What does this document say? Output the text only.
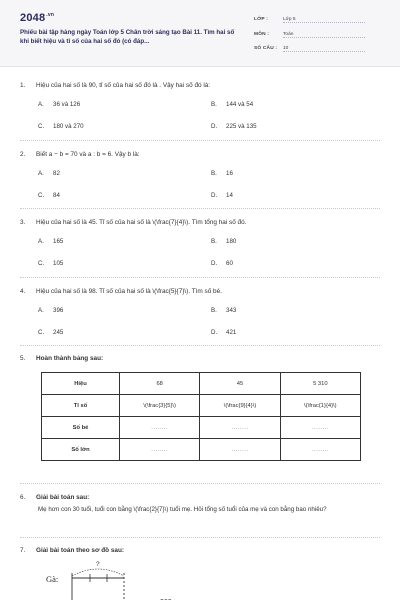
$2048^{.vn}$
Phiếu bài tập hàng ngày Toán lớp 5 Chân trời sáng tạo Bài 11. Tìm hai số khi biết hiệu và tỉ số của hai số đó (có đáp...
LỚP :	Lớp 5
MÔN :	Toán
SỐ CÂU : 10
1. Hiệu của hai số là 90, tỉ số của hai số đó là . Vậy hai số đó là:
A. 36 và 126	B. 144 và 54
C. 180 và 270	D. 225 và 135
2. Biết a − b = 70 và a : b = 6. Vậy b là:
A. 82	B. 16
C. 84	D. 14
3. Hiệu của hai số là 45. Tỉ số của hai số là \(\frac{7}{4}\). Tìm tổng hai số đó.
A. 165	B. 180
C. 105	D. 60
4. Hiệu của hai số là 98. Tỉ số của hai số là \(\frac{5}{7}\). Tìm số bé.
A. 396	B. 343
C. 245	D. 421
5. Hoàn thành bảng sau:
Hiệu	68	45	5 310
Tỉ số	\(\frac{3}{5}\)	\(\frac{9}{4}\)	\(\frac{1}{4}\)
Số bé	........	........	........
Số lớn	........	........	........
6. Giải bài toán sau:
Mẹ hơn con 30 tuổi, tuổi con bằng \(\frac{2}{7}\) tuổi mẹ. Hỏi tổng số tuổi của mẹ và con bằng bao nhiêu?
7. Giải bài toán theo sơ đồ sau:
Gà:
?
